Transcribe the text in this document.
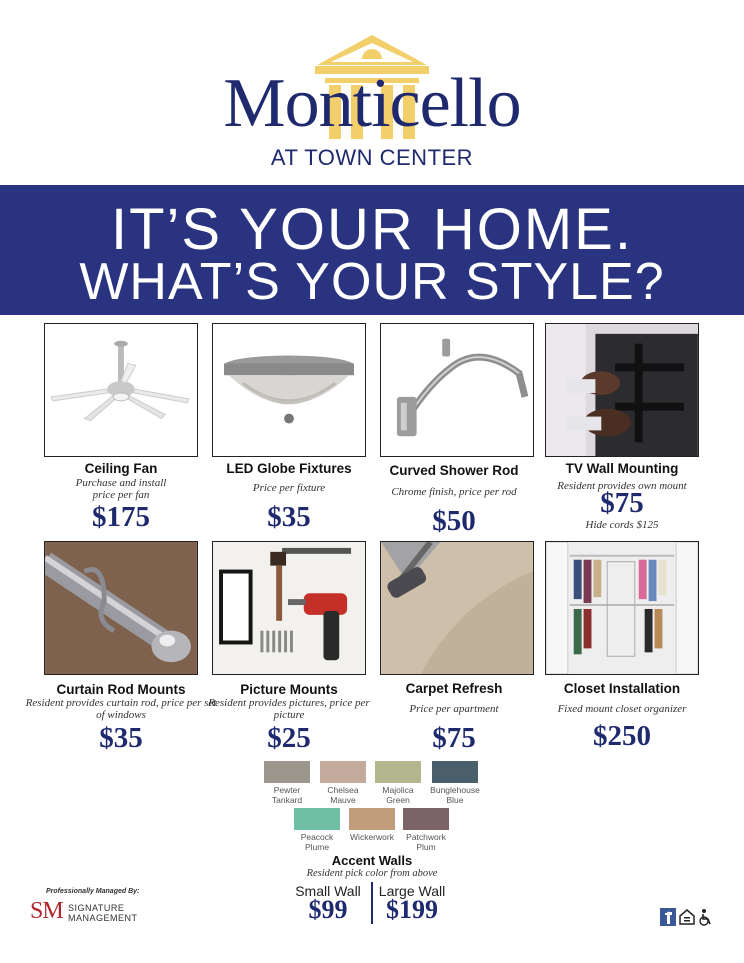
Monticello
AT TOWN CENTER
IT’S YOUR HOME.
WHAT’S YOUR STYLE?
Ceiling Fan
Purchase and install price per fan
$175
LED Globe Fixtures
Price per fixture
$35
Curved Shower Rod
Chrome finish, price per rod
$50
TV Wall Mounting
Resident provides own mount
$75
Hide cords $125
Curtain Rod Mounts
Resident provides curtain rod, price per set of windows
$35
Picture Mounts
Resident provides pictures, price per picture
$25
Carpet Refresh
Price per apartment
$75
Closet Installation
Fixed mount closet organizer
$250
Pewter
Tankard
Chelsea
Mauve
Majolica
Green
Bunglehouse
Blue
Peacock
Plume
Wickerwork	Patchwork
Plum
Accent Walls
Resident pick color from above
Small Wall
$99
Large Wall
$199
Professionally Managed By:
SM SIGNATURE
MANAGEMENT
